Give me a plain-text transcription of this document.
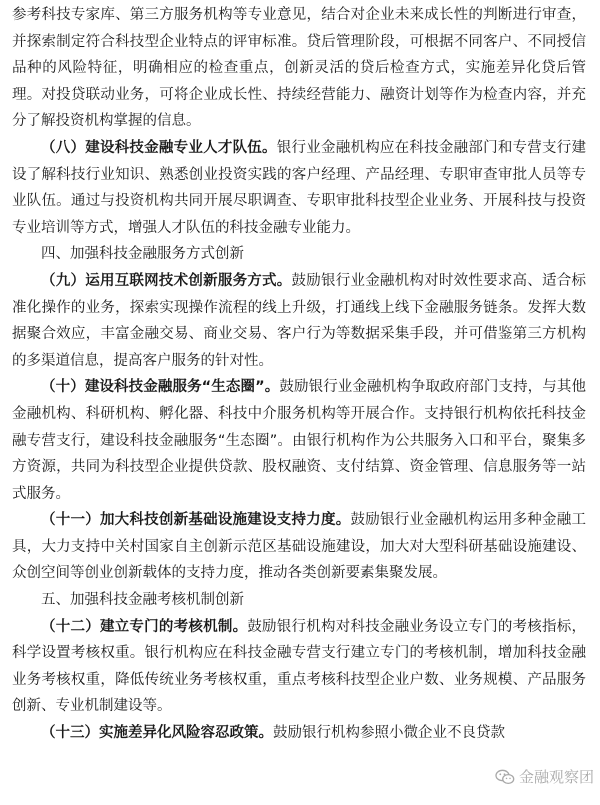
参考科技专家库、第三方服务机构等专业意见，结合对企业未来成长性的判断进行审查，并探索制定符合科技型企业特点的评审标准。贷后管理阶段，可根据不同客户、不同授信品种的风险特征，明确相应的检查重点，创新灵活的贷后检查方式，实施差异化贷后管理。对投贷联动业务，可将企业成长性、持续经营能力、融资计划等作为检查内容，并充分了解投资机构掌握的信息。

（八）建设科技金融专业人才队伍。银行业金融机构应在科技金融部门和专营支行建设了解科技行业知识、熟悉创业投资实践的客户经理、产品经理、专职审查审批人员等专业队伍。通过与投资机构共同开展尽职调查、专职审批科技型企业业务、开展科技与投资专业培训等方式，增强人才队伍的科技金融专业能力。

四、加强科技金融服务方式创新

（九）运用互联网技术创新服务方式。鼓励银行业金融机构对时效性要求高、适合标准化操作的业务，探索实现操作流程的线上升级，打通线上线下金融服务链条。发挥大数据聚合效应，丰富金融交易、商业交易、客户行为等数据采集手段，并可借鉴第三方机构的多渠道信息，提高客户服务的针对性。

（十）建设科技金融服务“生态圈”。鼓励银行业金融机构争取政府部门支持，与其他金融机构、科研机构、孵化器、科技中介服务机构等开展合作。支持银行机构依托科技金融专营支行，建设科技金融服务“生态圈”。由银行机构作为公共服务入口和平台，聚集多方资源，共同为科技型企业提供贷款、股权融资、支付结算、资金管理、信息服务等一站式服务。

（十一）加大科技创新基础设施建设支持力度。鼓励银行业金融机构运用多种金融工具，大力支持中关村国家自主创新示范区基础设施建设，加大对大型科研基础设施建设、众创空间等创业创新载体的支持力度，推动各类创新要素集聚发展。

五、加强科技金融考核机制创新

（十二）建立专门的考核机制。鼓励银行机构对科技金融业务设立专门的考核指标，科学设置考核权重。银行机构应在科技金融专营支行建立专门的考核机制，增加科技金融业务考核权重，降低传统业务考核权重，重点考核科技型企业户数、业务规模、产品服务创新、专业机制建设等。

（十三）实施差异化风险容忍政策。鼓励银行机构参照小微企业不良贷款

金融观察团
